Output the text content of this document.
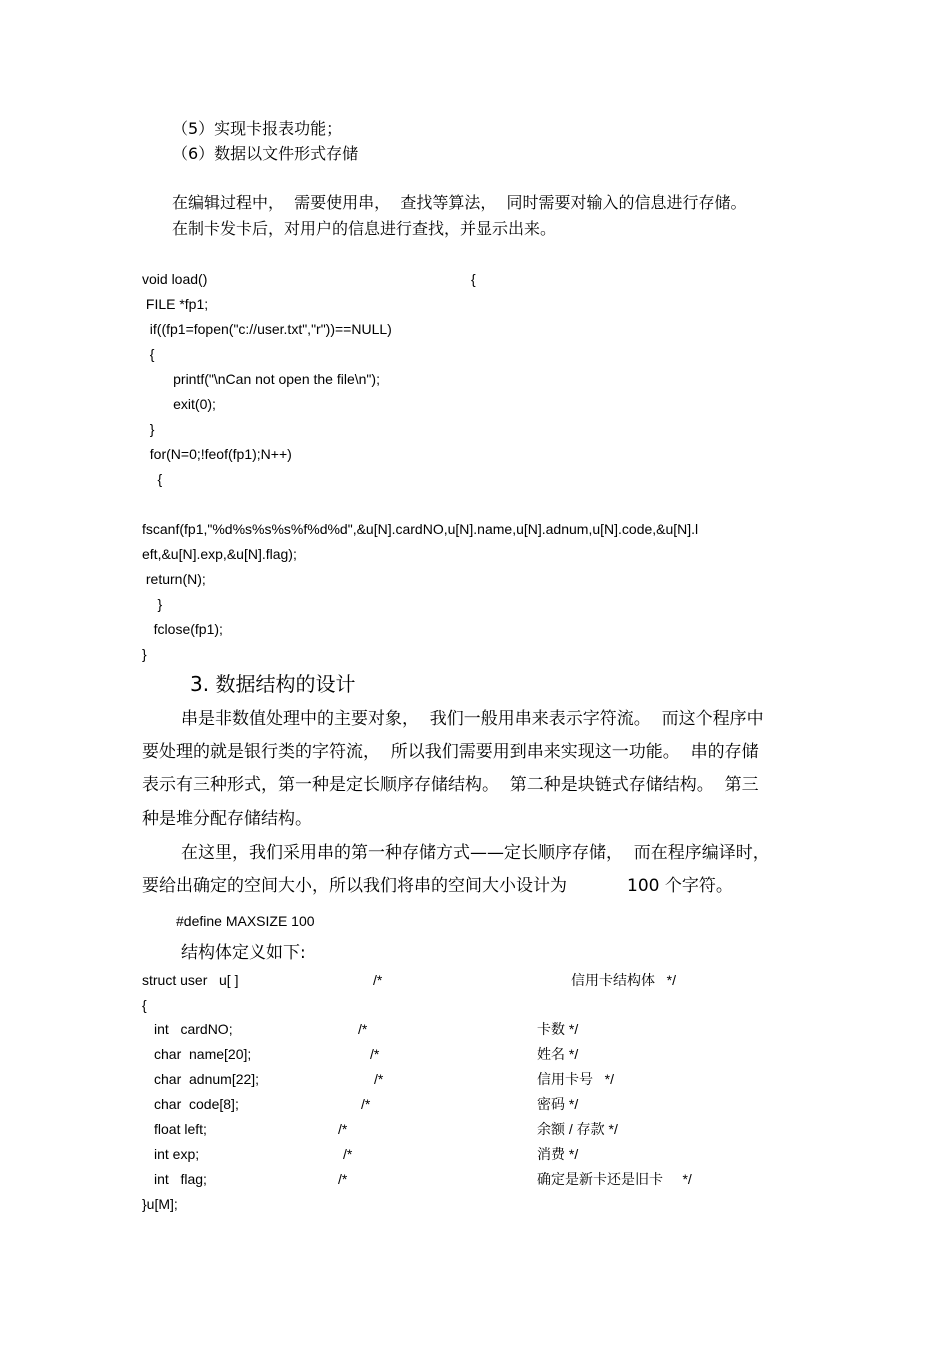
（5）实现卡报表功能；
（6）数据以文件形式存储
在编辑过程中，  需要使用串，  查找等算法，  同时需要对输入的信息进行存储。
在制卡发卡后，对用户的信息进行查找，并显示出来。
void load()	{
FILE *fp1;
if((fp1=fopen("c://user.txt","r"))==NULL)
{
printf("\nCan not open the file\n");
exit(0);
}
for(N=0;!feof(fp1);N++)
{
fscanf(fp1,"%d%s%s%s%f%d%d",&u[N].cardNO,u[N].name,u[N].adnum,u[N].code,&u[N].l
eft,&u[N].exp,&u[N].flag);
return(N);
}
fclose(fp1);
}
3. 数据结构的设计
串是非数值处理中的主要对象，  我们一般用串来表示字符流。  而这个程序中
要处理的就是银行类的字符流，  所以我们需要用到串来实现这一功能。  串的存储
表示有三种形式，第一种是定长顺序存储结构。  第二种是块链式存储结构。  第三
种是堆分配存储结构。
在这里，我们采用串的第一种存储方式——定长顺序存储，  而在程序编译时，
要给出确定的空间大小，所以我们将串的空间大小设计为	100 个字符。
#define MAXSIZE 100
结构体定义如下:
struct user   u[ ]	/*	信用卡结构体   */
{
int   cardNO;	/*	卡数 */
char  name[20];	/*	姓名 */
char  adnum[22];	/*	信用卡号   */
char  code[8];	/*	密码 */
float left;	/*	余额 / 存款 */
int exp;	/*	消费 */
int   flag;	/*	确定是新卡还是旧卡     */
}u[M];
